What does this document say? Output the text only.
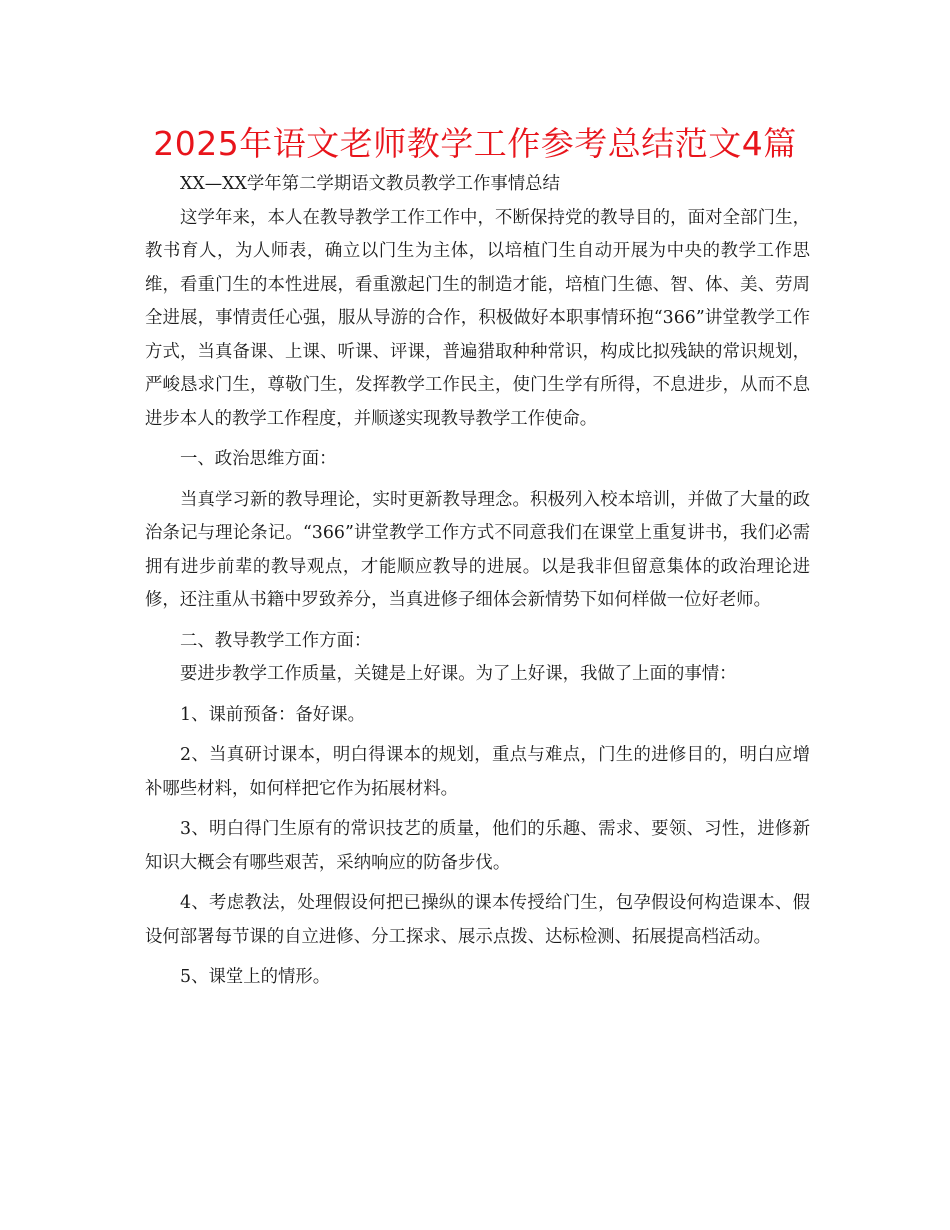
2025年语文老师教学工作参考总结范文4篇

XX—XX学年第二学期语文教员教学工作事情总结

这学年来，本人在教导教学工作工作中，不断保持党的教导目的，面对全部门生，教书育人，为人师表，确立以门生为主体，以培植门生自动开展为中央的教学工作思维，看重门生的本性进展，看重激起门生的制造才能，培植门生德、智、体、美、劳周全进展，事情责任心强，服从导游的合作，积极做好本职事情环抱“366”讲堂教学工作方式，当真备课、上课、听课、评课，普遍猎取种种常识，构成比拟残缺的常识规划，严峻恳求门生，尊敬门生，发挥教学工作民主，使门生学有所得，不息进步，从而不息进步本人的教学工作程度，并顺遂实现教导教学工作使命。

一、政治思维方面：

当真学习新的教导理论，实时更新教导理念。积极列入校本培训，并做了大量的政治条记与理论条记。“366”讲堂教学工作方式不同意我们在课堂上重复讲书，我们必需拥有进步前辈的教导观点，才能顺应教导的进展。以是我非但留意集体的政治理论进修，还注重从书籍中罗致养分，当真进修子细体会新情势下如何样做一位好老师。

二、教导教学工作方面：

要进步教学工作质量，关键是上好课。为了上好课，我做了上面的事情：

1、课前预备：备好课。

2、当真研讨课本，明白得课本的规划，重点与难点，门生的进修目的，明白应增补哪些材料，如何样把它作为拓展材料。

3、明白得门生原有的常识技艺的质量，他们的乐趣、需求、要领、习性，进修新知识大概会有哪些艰苦，采纳响应的防备步伐。

4、考虑教法，处理假设何把已操纵的课本传授给门生，包孕假设何构造课本、假设何部署每节课的自立进修、分工探求、展示点拨、达标检测、拓展提高档活动。

5、课堂上的情形。
